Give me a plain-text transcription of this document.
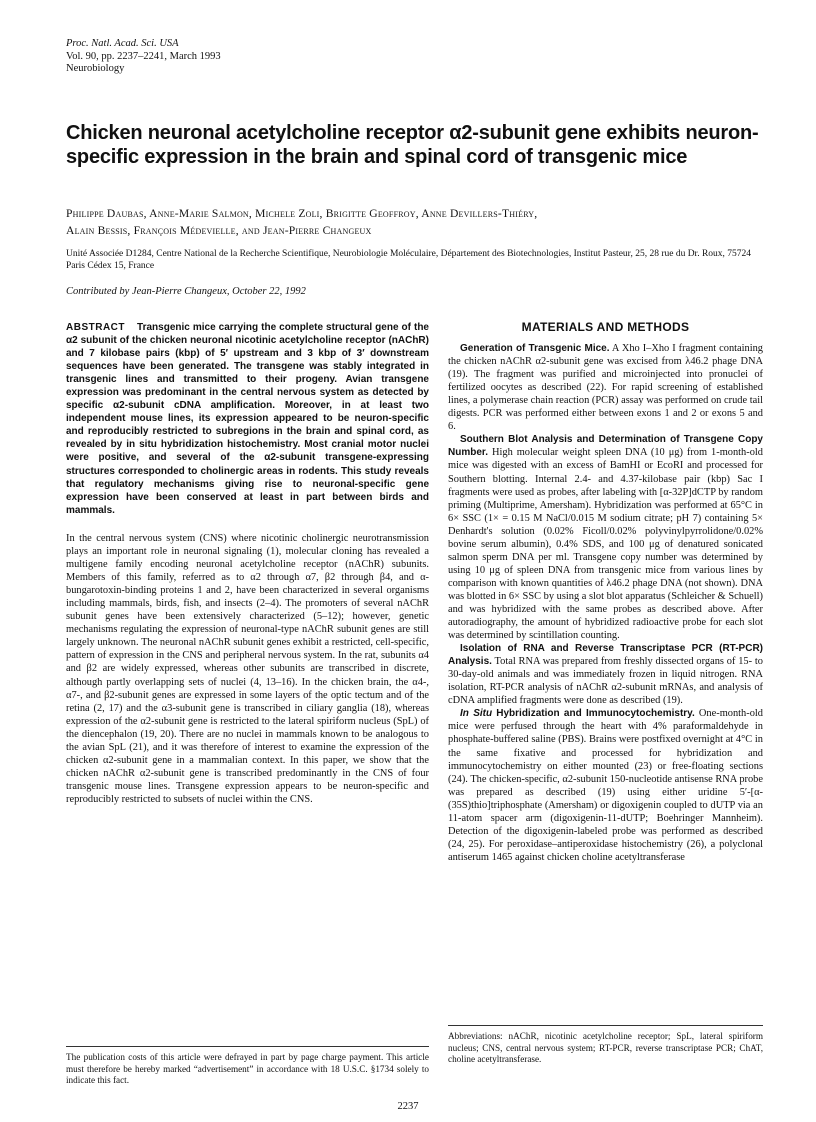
Proc. Natl. Acad. Sci. USA
Vol. 90, pp. 2237–2241, March 1993
Neurobiology
Chicken neuronal acetylcholine receptor α2-subunit gene exhibits neuron-specific expression in the brain and spinal cord of transgenic mice
Philippe Daubas, Anne-Marie Salmon, Michele Zoli, Brigitte Geoffroy, Anne Devillers-Thiéry,
Alain Bessis, François Médevielle, and Jean-Pierre Changeux
Unité Associée D1284, Centre National de la Recherche Scientifique, Neurobiologie Moléculaire, Département des Biotechnologies, Institut Pasteur, 25, 28 rue du Dr. Roux, 75724 Paris Cédex 15, France
Contributed by Jean-Pierre Changeux, October 22, 1992

ABSTRACT Transgenic mice carrying the complete structural gene of the α2 subunit of the chicken neuronal nicotinic acetylcholine receptor (nAChR) and 7 kilobase pairs (kbp) of 5′ upstream and 3 kbp of 3′ downstream sequences have been generated. The transgene was stably integrated in transgenic lines and transmitted to their progeny. Avian transgene expression was predominant in the central nervous system as detected by specific α2-subunit cDNA amplification. Moreover, in at least two independent mouse lines, its expression appeared to be neuron-specific and reproducibly restricted to subregions in the brain and spinal cord, as revealed by in situ hybridization histochemistry. Most cranial motor nuclei were positive, and several of the α2-subunit transgene-expressing structures corresponded to cholinergic areas in rodents. This study reveals that regulatory mechanisms giving rise to neuronal-specific gene expression have been conserved at least in part between birds and mammals.

In the central nervous system (CNS) where nicotinic cholinergic neurotransmission plays an important role in neuronal signaling (1), molecular cloning has revealed a multigene family encoding neuronal acetylcholine receptor (nAChR) subunits. Members of this family, referred as to α2 through α7, β2 through β4, and α-bungarotoxin-binding proteins 1 and 2, have been characterized in several organisms including mammals, birds, fish, and insects (2–4). The promoters of several nAChR subunit genes have been extensively characterized (5–12); however, genetic mechanisms regulating the expression of neuronal-type nAChR subunit genes are still largely unknown. The neuronal nAChR subunit genes exhibit a restricted, cell-specific, pattern of expression in the CNS and peripheral nervous system. In the rat, subunits α4 and β2 are widely expressed, whereas other subunits are transcribed in discrete, although partly overlapping sets of nuclei (4, 13–16). In the chicken brain, the α4-, α7-, and β2-subunit genes are expressed in some layers of the optic tectum and of the retina (2, 17) and the α3-subunit gene is transcribed in ciliary ganglia (18), whereas expression of the α2-subunit gene is restricted to the lateral spiriform nucleus (SpL) of the diencephalon (19, 20). There are no nuclei in mammals known to be analogous to the avian SpL (21), and it was therefore of interest to examine the expression of the chicken α2-subunit gene in a mammalian context. In this paper, we show that the chicken nAChR α2-subunit gene is transcribed predominantly in the CNS of four transgenic mouse lines. Transgene expression appears to be neuron-specific and reproducibly restricted to subsets of nuclei within the CNS.

The publication costs of this article were defrayed in part by page charge payment. This article must therefore be hereby marked “advertisement” in accordance with 18 U.S.C. §1734 solely to indicate this fact.
MATERIALS AND METHODS

Generation of Transgenic Mice. A Xho I–Xho I fragment containing the chicken nAChR α2-subunit gene was excised from λ46.2 phage DNA (19). The fragment was purified and microinjected into pronuclei of fertilized oocytes as described (22). For rapid screening of established lines, a polymerase chain reaction (PCR) assay was performed on crude tail digests. PCR was performed either between exons 1 and 2 or exons 5 and 6.

Southern Blot Analysis and Determination of Transgene Copy Number. High molecular weight spleen DNA (10 μg) from 1-month-old mice was digested with an excess of BamHI or EcoRI and processed for Southern blotting. Internal 2.4- and 4.37-kilobase pair (kbp) Sac I fragments were used as probes, after labeling with [α-32P]dCTP by random priming (Multiprime, Amersham). Hybridization was performed at 65°C in 6× SSC (1× = 0.15 M NaCl/0.015 M sodium citrate; pH 7) containing 5× Denhardt's solution (0.02% Ficoll/0.02% polyvinylpyrrolidone/0.02% bovine serum albumin), 0.4% SDS, and 100 μg of denatured sonicated salmon sperm DNA per ml. Transgene copy number was determined by using 10 μg of spleen DNA from transgenic mice from various lines by comparison with known quantities of λ46.2 phage DNA (not shown). DNA was blotted in 6× SSC by using a slot blot apparatus (Schleicher & Schuell) and was hybridized with the same probes as described above. After autoradiography, the amount of hybridized radioactive probe for each slot was determined by scintillation counting.

Isolation of RNA and Reverse Transcriptase PCR (RT-PCR) Analysis. Total RNA was prepared from freshly dissected organs of 15- to 30-day-old animals and was immediately frozen in liquid nitrogen. RNA isolation, RT-PCR analysis of nAChR α2-subunit mRNAs, and analysis of cDNA amplified fragments were done as described (19).

In Situ Hybridization and Immunocytochemistry. One-month-old mice were perfused through the heart with 4% paraformaldehyde in phosphate-buffered saline (PBS). Brains were postfixed overnight at 4°C in the same fixative and processed for hybridization and immunocytochemistry on either mounted (23) or free-floating sections (24). The chicken-specific, α2-subunit 150-nucleotide antisense RNA probe was prepared as described (19) using either uridine 5′-[α-(35S)thio]triphosphate (Amersham) or digoxigenin coupled to dUTP via an 11-atom spacer arm (digoxigenin-11-dUTP; Boehringer Mannheim). Detection of the digoxigenin-labeled probe was performed as described (24, 25). For peroxidase–antiperoxidase histochemistry (26), a polyclonal antiserum 1465 against chicken choline acetyltransferase

Abbreviations: nAChR, nicotinic acetylcholine receptor; SpL, lateral spiriform nucleus; CNS, central nervous system; RT-PCR, reverse transcriptase PCR; ChAT, choline acetyltransferase.
2237
